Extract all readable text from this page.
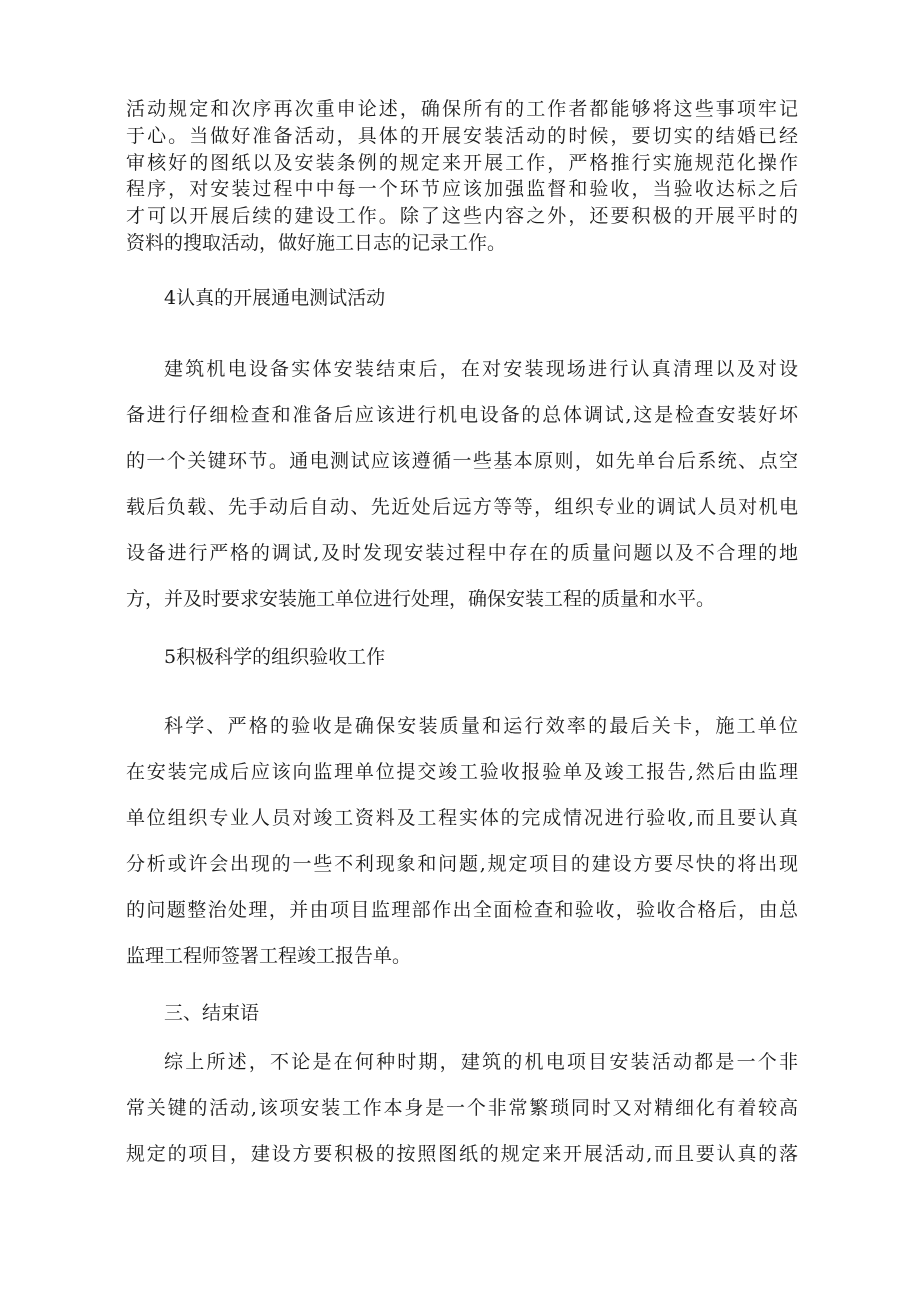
活动规定和次序再次重申论述，确保所有的工作者都能够将这些事项牢记
于心。当做好准备活动，具体的开展安装活动的时候，要切实的结婚已经
审核好的图纸以及安装条例的规定来开展工作，严格推行实施规范化操作
程序，对安装过程中中每一个环节应该加强监督和验收，当验收达标之后
才可以开展后续的建设工作。除了这些内容之外，还要积极的开展平时的
资料的搜取活动，做好施工日志的记录工作。
4认真的开展通电测试活动
建筑机电设备实体安装结束后，在对安装现场进行认真清理以及对设
备进行仔细检查和准备后应该进行机电设备的总体调试,这是检查安装好坏
的一个关键环节。通电测试应该遵循一些基本原则，如先单台后系统、点空
载后负载、先手动后自动、先近处后远方等等，组织专业的调试人员对机电
设备进行严格的调试,及时发现安装过程中存在的质量问题以及不合理的地
方，并及时要求安装施工单位进行处理，确保安装工程的质量和水平。
5积极科学的组织验收工作
科学、严格的验收是确保安装质量和运行效率的最后关卡，施工单位
在安装完成后应该向监理单位提交竣工验收报验单及竣工报告,然后由监理
单位组织专业人员对竣工资料及工程实体的完成情况进行验收,而且要认真
分析或许会出现的一些不利现象和问题,规定项目的建设方要尽快的将出现
的问题整治处理，并由项目监理部作出全面检查和验收，验收合格后，由总
监理工程师签署工程竣工报告单。
三、结束语
综上所述，不论是在何种时期，建筑的机电项目安装活动都是一个非
常关键的活动,该项安装工作本身是一个非常繁琐同时又对精细化有着较高
规定的项目，建设方要积极的按照图纸的规定来开展活动,而且要认真的落
